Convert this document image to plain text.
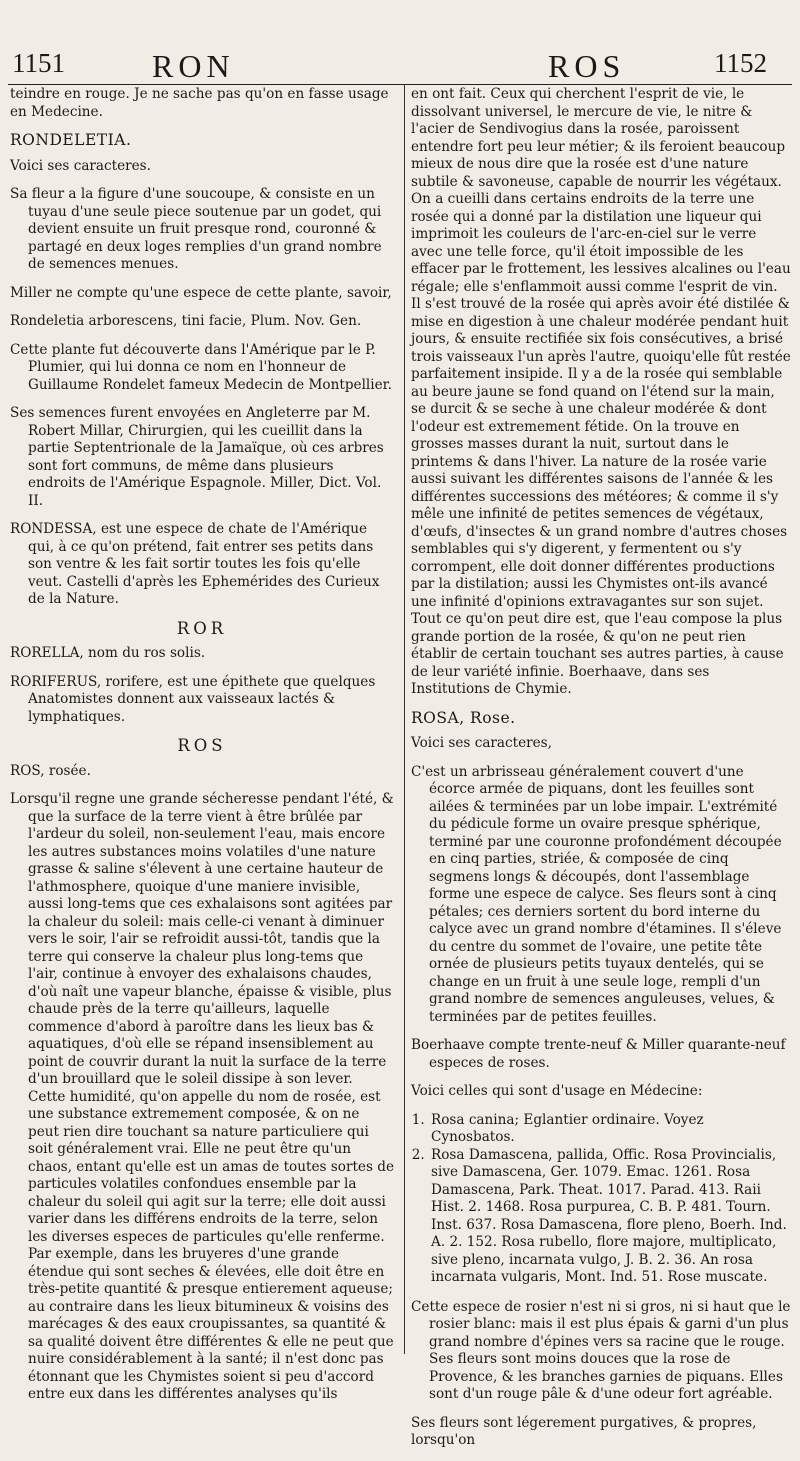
1151	RON	ROS	1152

teindre en rouge. Je ne sache pas qu'on en fasse usage en Medecine.

RONDELETIA.

Voici ses caracteres.

Sa fleur a la figure d'une soucoupe, & consiste en un tuyau d'une seule piece soutenue par un godet, qui devient ensuite un fruit presque rond, couronné & partagé en deux loges remplies d'un grand nombre de semences menues.

Miller ne compte qu'une espece de cette plante, savoir,

Rondeletia arborescens, tini facie, Plum. Nov. Gen.

Cette plante fut découverte dans l'Amérique par le P. Plumier, qui lui donna ce nom en l'honneur de Guillaume Rondelet fameux Medecin de Montpellier.

Ses semences furent envoyées en Angleterre par M. Robert Millar, Chirurgien, qui les cueillit dans la partie Septentrionale de la Jamaïque, où ces arbres sont fort communs, de même dans plusieurs endroits de l'Amérique Espagnole. Miller, Dict. Vol. II.

RONDESSA, est une espece de chate de l'Amérique qui, à ce qu'on prétend, fait entrer ses petits dans son ventre & les fait sortir toutes les fois qu'elle veut. Castelli d'après les Ephemérides des Curieux de la Nature.

ROR

RORELLA, nom du ros solis.

RORIFERUS, rorifere, est une épithete que quelques Anatomistes donnent aux vaisseaux lactés & lymphatiques.

ROS

ROS, rosée.

Lorsqu'il regne une grande sécheresse pendant l'été, & que la surface de la terre vient à être brûlée par l'ardeur du soleil, non-seulement l'eau, mais encore les autres substances moins volatiles d'une nature grasse & saline s'élevent à une certaine hauteur de l'athmosphere, quoique d'une maniere invisible, aussi long-tems que ces exhalaisons sont agitées par la chaleur du soleil: mais celle-ci venant à diminuer vers le soir, l'air se refroidit aussi-tôt, tandis que la terre qui conserve la chaleur plus long-tems que l'air, continue à envoyer des exhalaisons chaudes, d'où naît une vapeur blanche, épaisse & visible, plus chaude près de la terre qu'ailleurs, laquelle commence d'abord à paroître dans les lieux bas & aquatiques, d'où elle se répand insensiblement au point de couvrir durant la nuit la surface de la terre d'un brouillard que le soleil dissipe à son lever. Cette humidité, qu'on appelle du nom de rosée, est une substance extremement composée, & on ne peut rien dire touchant sa nature particuliere qui soit généralement vrai. Elle ne peut être qu'un chaos, entant qu'elle est un amas de toutes sortes de particules volatiles confondues ensemble par la chaleur du soleil qui agit sur la terre; elle doit aussi varier dans les différens endroits de la terre, selon les diverses especes de particules qu'elle renferme. Par exemple, dans les bruyeres d'une grande étendue qui sont seches & élevées, elle doit être en très-petite quantité & presque entierement aqueuse; au contraire dans les lieux bitumineux & voisins des marécages & des eaux croupissantes, sa quantité & sa qualité doivent être différentes & elle ne peut que nuire considérablement à la santé; il n'est donc pas étonnant que les Chymistes soient si peu d'accord entre eux dans les différentes analyses qu'ils

en ont fait. Ceux qui cherchent l'esprit de vie, le dissolvant universel, le mercure de vie, le nitre & l'acier de Sendivogius dans la rosée, paroissent entendre fort peu leur métier; & ils feroient beaucoup mieux de nous dire que la rosée est d'une nature subtile & savoneuse, capable de nourrir les végétaux. On a cueilli dans certains endroits de la terre une rosée qui a donné par la distilation une liqueur qui imprimoit les couleurs de l'arc-en-ciel sur le verre avec une telle force, qu'il étoit impossible de les effacer par le frottement, les lessives alcalines ou l'eau régale; elle s'enflammoit aussi comme l'esprit de vin. Il s'est trouvé de la rosée qui après avoir été distilée & mise en digestion à une chaleur modérée pendant huit jours, & ensuite rectifiée six fois consécutives, a brisé trois vaisseaux l'un après l'autre, quoiqu'elle fût restée parfaitement insipide. Il y a de la rosée qui semblable au beure jaune se fond quand on l'étend sur la main, se durcit & se seche à une chaleur modérée & dont l'odeur est extremement fétide. On la trouve en grosses masses durant la nuit, surtout dans le printems & dans l'hiver. La nature de la rosée varie aussi suivant les différentes saisons de l'année & les différentes successions des météores; & comme il s'y mêle une infinité de petites semences de végétaux, d'œufs, d'insectes & un grand nombre d'autres choses semblables qui s'y digerent, y fermentent ou s'y corrompent, elle doit donner différentes productions par la distilation; aussi les Chymistes ont-ils avancé une infinité d'opinions extravagantes sur son sujet. Tout ce qu'on peut dire est, que l'eau compose la plus grande portion de la rosée, & qu'on ne peut rien établir de certain touchant ses autres parties, à cause de leur variété infinie. Boerhaave, dans ses Institutions de Chymie.

ROSA, Rose.

Voici ses caracteres,

C'est un arbrisseau généralement couvert d'une écorce armée de piquans, dont les feuilles sont ailées & terminées par un lobe impair. L'extrémité du pédicule forme un ovaire presque sphérique, terminé par une couronne profondément découpée en cinq parties, striée, & composée de cinq segmens longs & découpés, dont l'assemblage forme une espece de calyce. Ses fleurs sont à cinq pétales; ces derniers sortent du bord interne du calyce avec un grand nombre d'étamines. Il s'éleve du centre du sommet de l'ovaire, une petite tête ornée de plusieurs petits tuyaux dentelés, qui se change en un fruit à une seule loge, rempli d'un grand nombre de semences anguleuses, velues, & terminées par de petites feuilles.

Boerhaave compte trente-neuf & Miller quarante-neuf especes de roses.

Voici celles qui sont d'usage en Médecine:

1. Rosa canina; Eglantier ordinaire. Voyez Cynosbatos.
2. Rosa Damascena, pallida, Offic. Rosa Provincialis, sive Damascena, Ger. 1079. Emac. 1261. Rosa Damascena, Park. Theat. 1017. Parad. 413. Raii Hist. 2. 1468. Rosa purpurea, C. B. P. 481. Tourn. Inst. 637. Rosa Damascena, flore pleno, Boerh. Ind. A. 2. 152. Rosa rubello, flore majore, multiplicato, sive pleno, incarnata vulgo, J. B. 2. 36. An rosa incarnata vulgaris, Mont. Ind. 51. Rose muscate.

Cette espece de rosier n'est ni si gros, ni si haut que le rosier blanc: mais il est plus épais & garni d'un plus grand nombre d'épines vers sa racine que le rouge. Ses fleurs sont moins douces que la rose de Provence, & les branches garnies de piquans. Elles sont d'un rouge pâle & d'une odeur fort agréable.

Ses fleurs sont légerement purgatives, & propres, lorsqu'on
